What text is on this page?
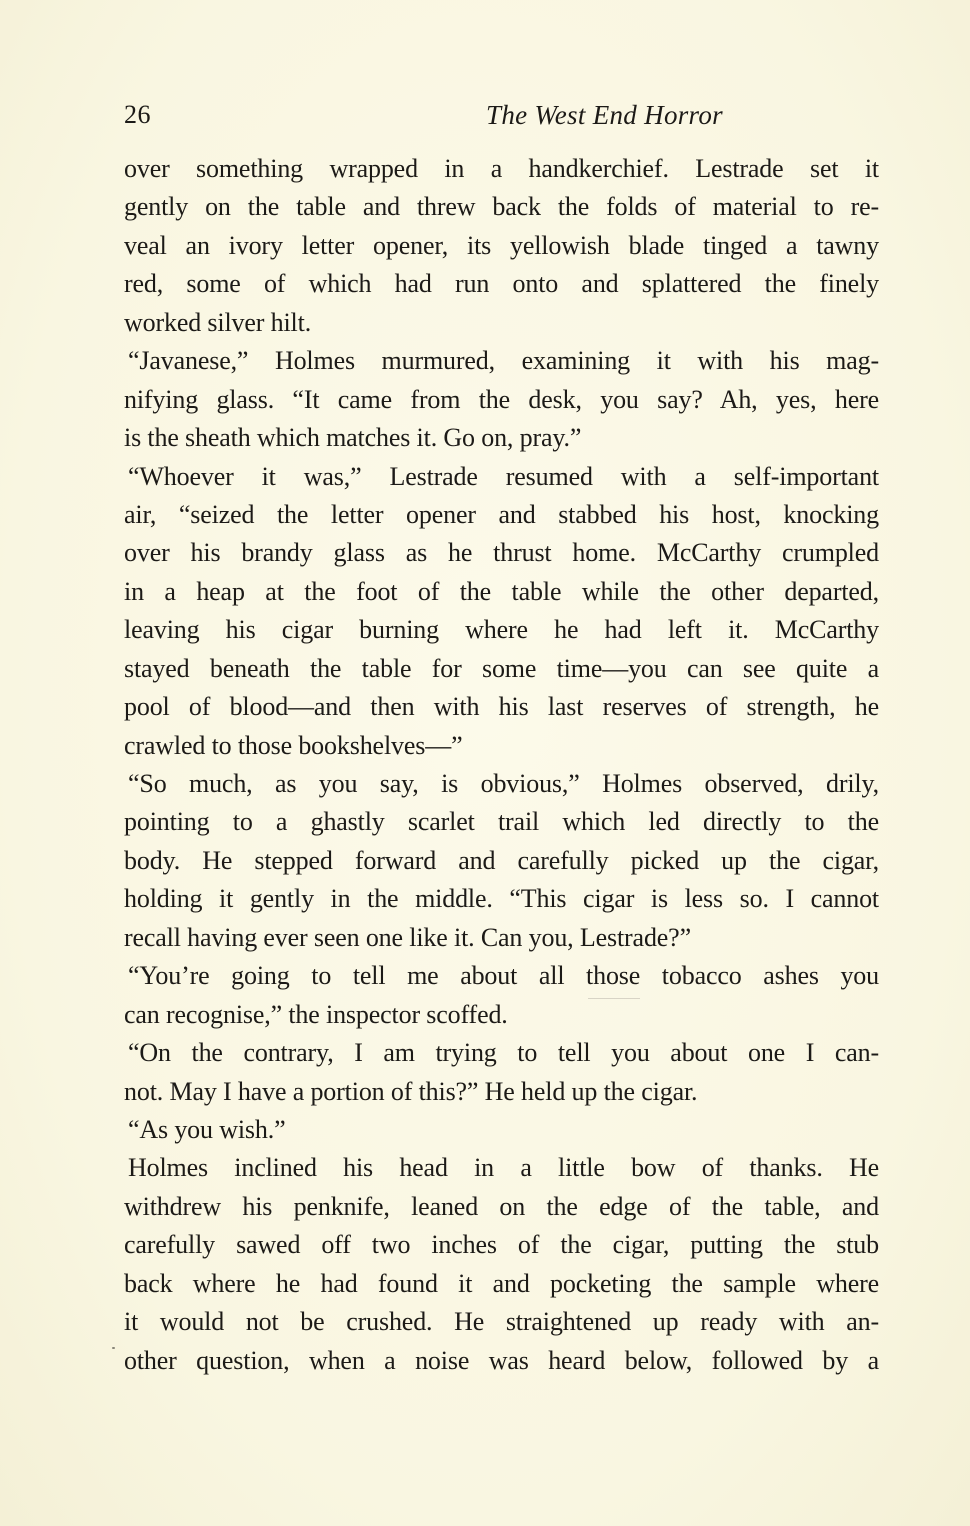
26	The West End Horror
over something wrapped in a handkerchief. Lestrade set it
gently on the table and threw back the folds of material to re-
veal an ivory letter opener, its yellowish blade tinged a tawny
red, some of which had run onto and splattered the finely
worked silver hilt.
“Javanese,” Holmes murmured, examining it with his mag-
nifying glass. “It came from the desk, you say? Ah, yes, here
is the sheath which matches it. Go on, pray.”
“Whoever it was,” Lestrade resumed with a self-important
air, “seized the letter opener and stabbed his host, knocking
over his brandy glass as he thrust home. McCarthy crumpled
in a heap at the foot of the table while the other departed,
leaving his cigar burning where he had left it. McCarthy
stayed beneath the table for some time—you can see quite a
pool of blood—and then with his last reserves of strength, he
crawled to those bookshelves—”
“So much, as you say, is obvious,” Holmes observed, drily,
pointing to a ghastly scarlet trail which led directly to the
body. He stepped forward and carefully picked up the cigar,
holding it gently in the middle. “This cigar is less so. I cannot
recall having ever seen one like it. Can you, Lestrade?”
“You’re going to tell me about all those tobacco ashes you
can recognise,” the inspector scoffed.
“On the contrary, I am trying to tell you about one I can-
not. May I have a portion of this?” He held up the cigar.
“As you wish.”
Holmes inclined his head in a little bow of thanks. He
withdrew his penknife, leaned on the edge of the table, and
carefully sawed off two inches of the cigar, putting the stub
back where he had found it and pocketing the sample where
it would not be crushed. He straightened up ready with an-
other question, when a noise was heard below, followed by a
